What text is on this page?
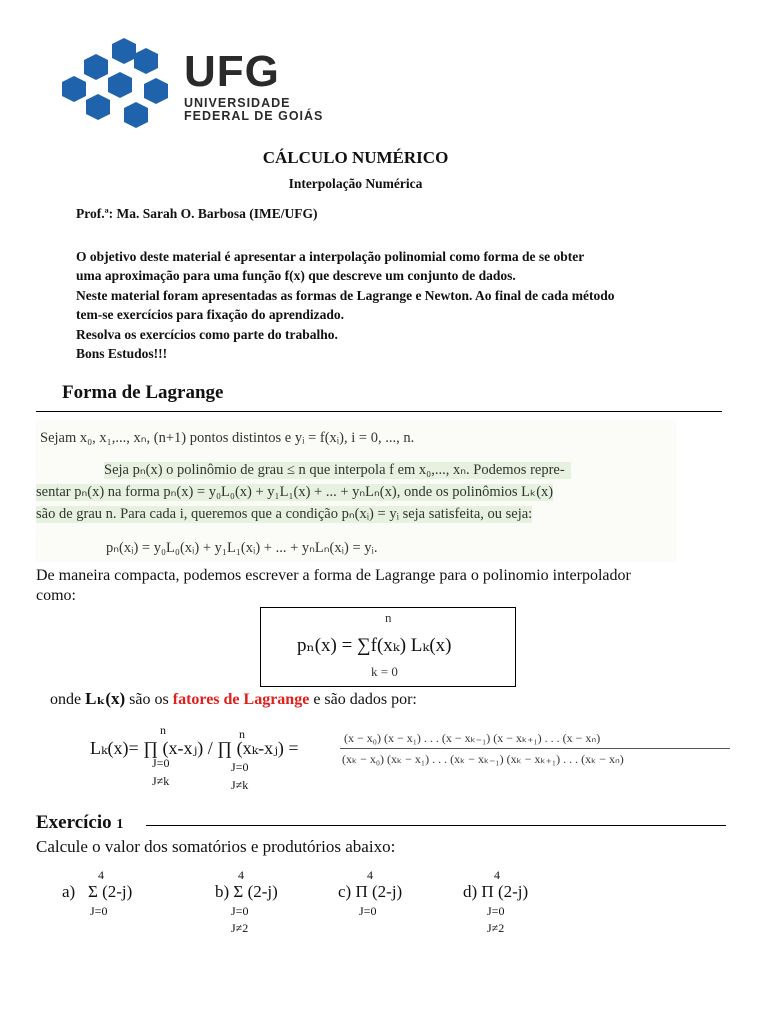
UFG
UNIVERSIDADE
FEDERAL DE GOIÁS
CÁLCULO NUMÉRICO
Interpolação Numérica
Prof.ª: Ma. Sarah O. Barbosa (IME/UFG)
O objetivo deste material é apresentar a interpolação polinomial como forma de se obter
uma aproximação para uma função f(x) que descreve um conjunto de dados.
Neste material foram apresentadas as formas de Lagrange e Newton. Ao final de cada método
tem-se exercícios para fixação do aprendizado.
Resolva os exercícios como parte do trabalho.
Bons Estudos!!!
Forma de Lagrange
Sejam x₀, x₁,..., xₙ, (n+1) pontos distintos e yᵢ = f(xᵢ), i = 0, ..., n.
Seja pₙ(x) o polinômio de grau ≤ n que interpola f em x₀,..., xₙ. Podemos repre-
sentar pₙ(x) na forma pₙ(x) = y₀L₀(x) + y₁L₁(x) + ... + yₙLₙ(x), onde os polinômios Lₖ(x)
são de grau n. Para cada i, queremos que a condição pₙ(xᵢ) = yᵢ seja satisfeita, ou seja:
pₙ(xᵢ) = y₀L₀(xᵢ) + y₁L₁(xᵢ) + ... + yₙLₙ(xᵢ) = yᵢ.
De maneira compacta, podemos escrever a forma de Lagrange para o polinomio interpolador
como:
n
pₙ(x) = ∑f(xₖ) Lₖ(x)
k = 0
onde Lₖ(x) são os fatores de Lagrange e são dados por:
n	n
Lₖ(x)= ∏ (x-xⱼ) / ∏ (xₖ-xⱼ) =
J=0
J≠k
J=0
J≠k
(x − x₀) (x − x₁) . . . (x − xₖ₋₁) (x − xₖ₊₁) . . . (x − xₙ)
(xₖ − x₀) (xₖ − x₁) . . . (xₖ − xₖ₋₁) (xₖ − xₖ₊₁) . . . (xₖ − xₙ)
Exercício 1
Calcule o valor dos somatórios e produtórios abaixo:
4
a) Σ (2-j)
J=0
4
b) Σ (2-j)
J=0
J≠2
4
c) Π (2-j)
J=0
4
d) Π (2-j)
J=0
J≠2
